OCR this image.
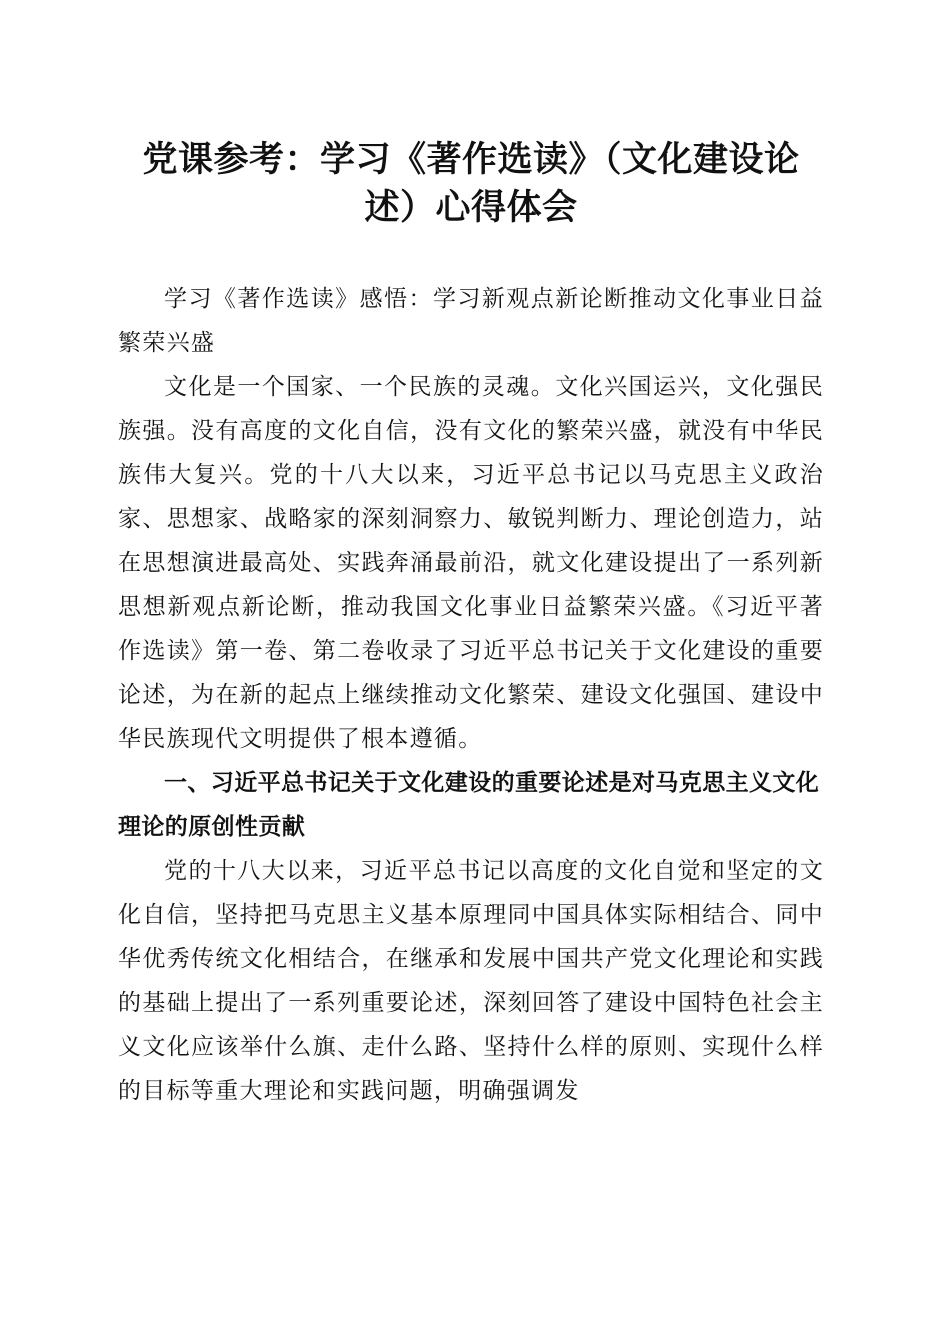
党课参考：学习《著作选读》（文化建设论述）心得体会

学习《著作选读》感悟：学习新观点新论断推动文化事业日益繁荣兴盛

文化是一个国家、一个民族的灵魂。文化兴国运兴，文化强民族强。没有高度的文化自信，没有文化的繁荣兴盛，就没有中华民族伟大复兴。党的十八大以来，习近平总书记以马克思主义政治家、思想家、战略家的深刻洞察力、敏锐判断力、理论创造力，站在思想演进最高处、实践奔涌最前沿，就文化建设提出了一系列新思想新观点新论断，推动我国文化事业日益繁荣兴盛。《习近平著作选读》第一卷、第二卷收录了习近平总书记关于文化建设的重要论述，为在新的起点上继续推动文化繁荣、建设文化强国、建设中华民族现代文明提供了根本遵循。

一、习近平总书记关于文化建设的重要论述是对马克思主义文化理论的原创性贡献

党的十八大以来，习近平总书记以高度的文化自觉和坚定的文化自信，坚持把马克思主义基本原理同中国具体实际相结合、同中华优秀传统文化相结合，在继承和发展中国共产党文化理论和实践的基础上提出了一系列重要论述，深刻回答了建设中国特色社会主义文化应该举什么旗、走什么路、坚持什么样的原则、实现什么样的目标等重大理论和实践问题，明确强调发
